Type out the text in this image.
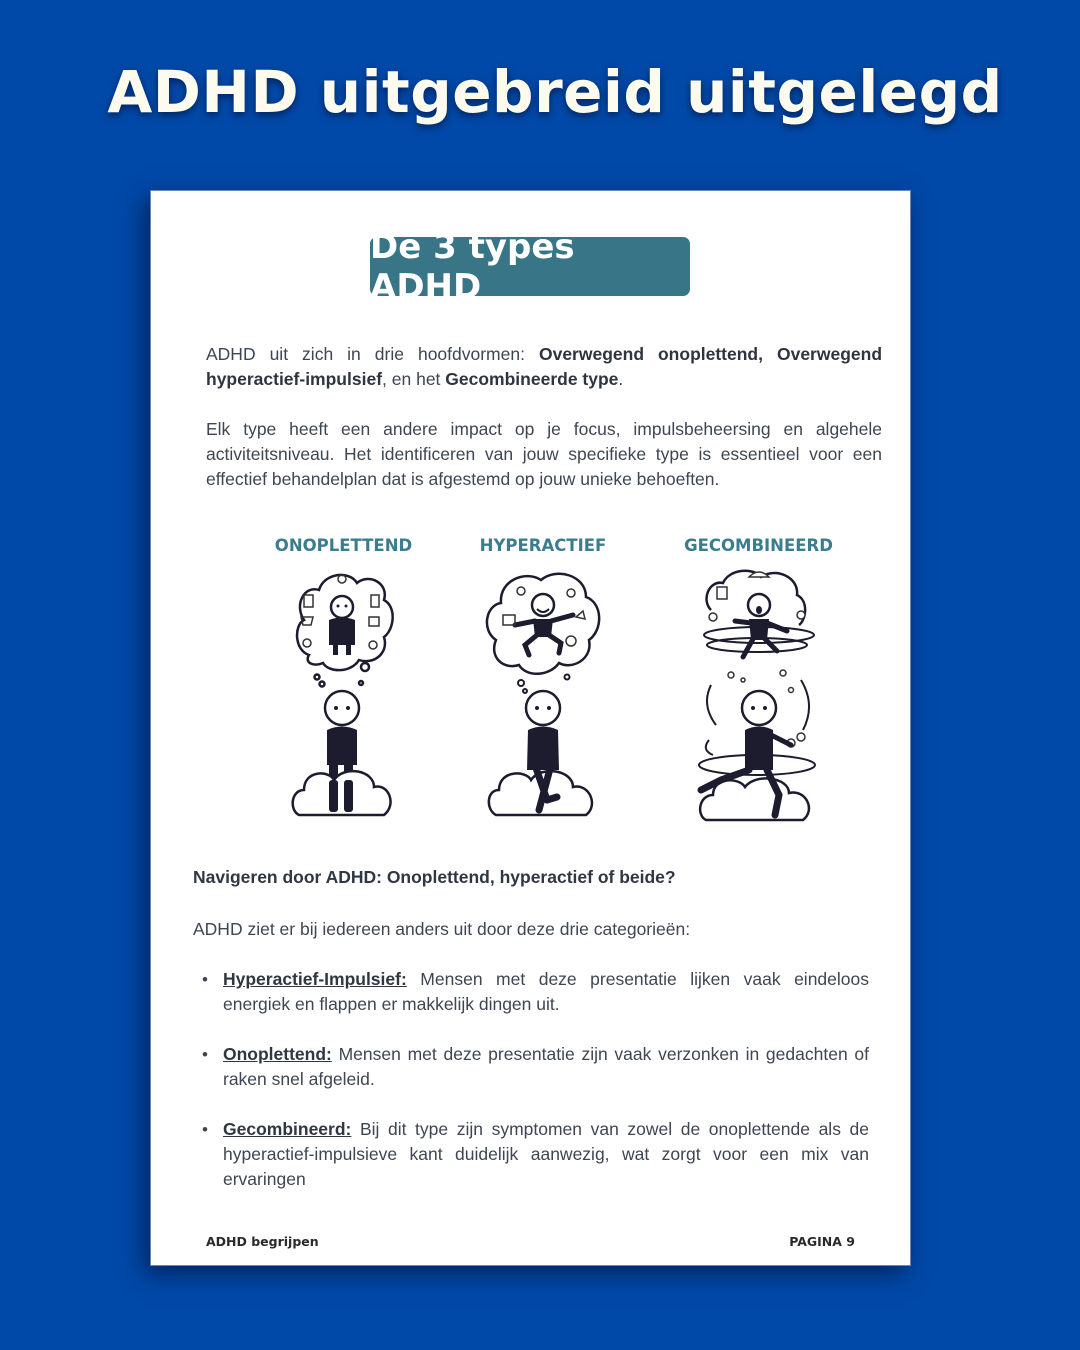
ADHD uitgebreid uitgelegd
De 3 types ADHD

ADHD uit zich in drie hoofdvormen: Overwegend onoplettend, Overwegend hyperactief-impulsief, en het Gecombineerde type.

Elk type heeft een andere impact op je focus, impulsbeheersing en algehele activiteitsniveau. Het identificeren van jouw specifieke type is essentieel voor een effectief behandelplan dat is afgestemd op jouw unieke behoeften.

ONOPLETTEND	HYPERACTIEF	GECOMBINEERD

Navigeren door ADHD: Onoplettend, hyperactief of beide?

ADHD ziet er bij iedereen anders uit door deze drie categorieën:

• Hyperactief-Impulsief: Mensen met deze presentatie lijken vaak eindeloos energiek en flappen er makkelijk dingen uit.
• Onoplettend: Mensen met deze presentatie zijn vaak verzonken in gedachten of raken snel afgeleid.
• Gecombineerd: Bij dit type zijn symptomen van zowel de onoplettende als de hyperactief-impulsieve kant duidelijk aanwezig, wat zorgt voor een mix van ervaringen
ADHD begrijpen	PAGINA 9
